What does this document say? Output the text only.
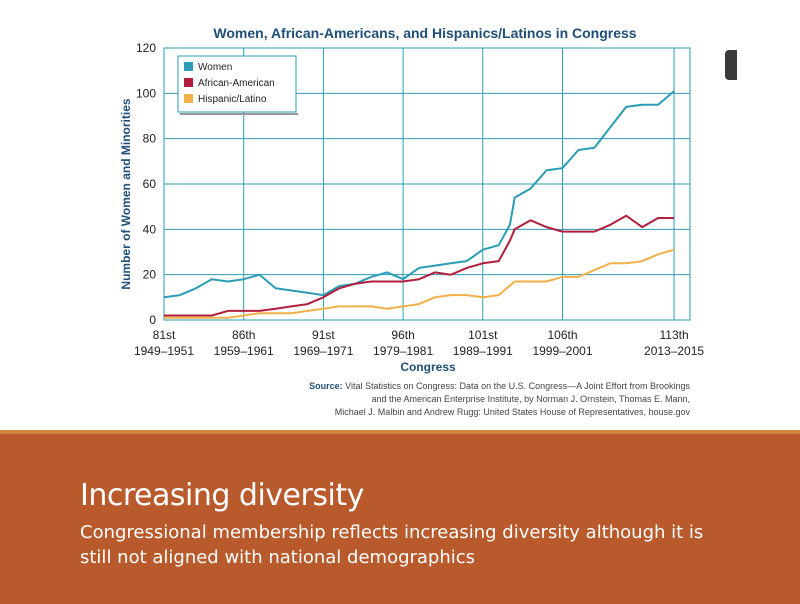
Women, African-Americans, and Hispanics/Latinos in Congress
0
20
40
60
80
100
120
81st
1949–1951
86th
1959–1961
91st
1969–1971
96th
1979–1981
101st
1989–1991
106th
1999–2001
113th
2013–2015
Number of Women and Minorities
Congress
Women
African-American
Hispanic/Latino
Source: Vital Statistics on Congress: Data on the U.S. Congress—A Joint Effort from Brookings
and the American Enterprise Institute, by Norman J. Ornstein, Thomas E. Mann,
Michael J. Malbin and Andrew Rugg: United States House of Representatives, house.gov
Increasing diversity

Congressional membership reflects increasing diversity although it is still not aligned with national demographics
